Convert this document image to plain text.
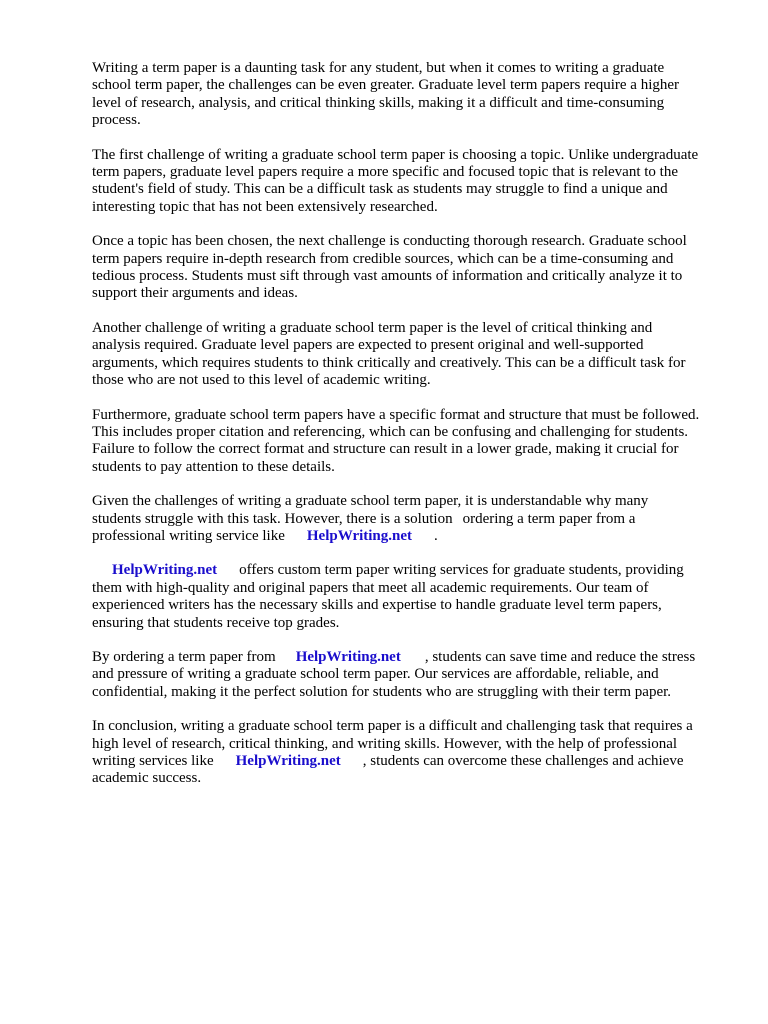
Writing a term paper is a daunting task for any student, but when it comes to writing a graduate
school term paper, the challenges can be even greater. Graduate level term papers require a higher
level of research, analysis, and critical thinking skills, making it a difficult and time-consuming
process.

The first challenge of writing a graduate school term paper is choosing a topic. Unlike undergraduate
term papers, graduate level papers require a more specific and focused topic that is relevant to the
student's field of study. This can be a difficult task as students may struggle to find a unique and
interesting topic that has not been extensively researched.

Once a topic has been chosen, the next challenge is conducting thorough research. Graduate school
term papers require in-depth research from credible sources, which can be a time-consuming and
tedious process. Students must sift through vast amounts of information and critically analyze it to
support their arguments and ideas.

Another challenge of writing a graduate school term paper is the level of critical thinking and
analysis required. Graduate level papers are expected to present original and well-supported
arguments, which requires students to think critically and creatively. This can be a difficult task for
those who are not used to this level of academic writing.

Furthermore, graduate school term papers have a specific format and structure that must be followed.
This includes proper citation and referencing, which can be confusing and challenging for students.
Failure to follow the correct format and structure can result in a lower grade, making it crucial for
students to pay attention to these details.

Given the challenges of writing a graduate school term paper, it is understandable why many
students struggle with this task. However, there is a solution ordering a term paper from a
professional writing service like HelpWriting.net .

HelpWriting.net offers custom term paper writing services for graduate students, providing
them with high-quality and original papers that meet all academic requirements. Our team of
experienced writers has the necessary skills and expertise to handle graduate level term papers,
ensuring that students receive top grades.

By ordering a term paper from HelpWriting.net , students can save time and reduce the stress
and pressure of writing a graduate school term paper. Our services are affordable, reliable, and
confidential, making it the perfect solution for students who are struggling with their term paper.

In conclusion, writing a graduate school term paper is a difficult and challenging task that requires a
high level of research, critical thinking, and writing skills. However, with the help of professional
writing services like HelpWriting.net , students can overcome these challenges and achieve
academic success.
